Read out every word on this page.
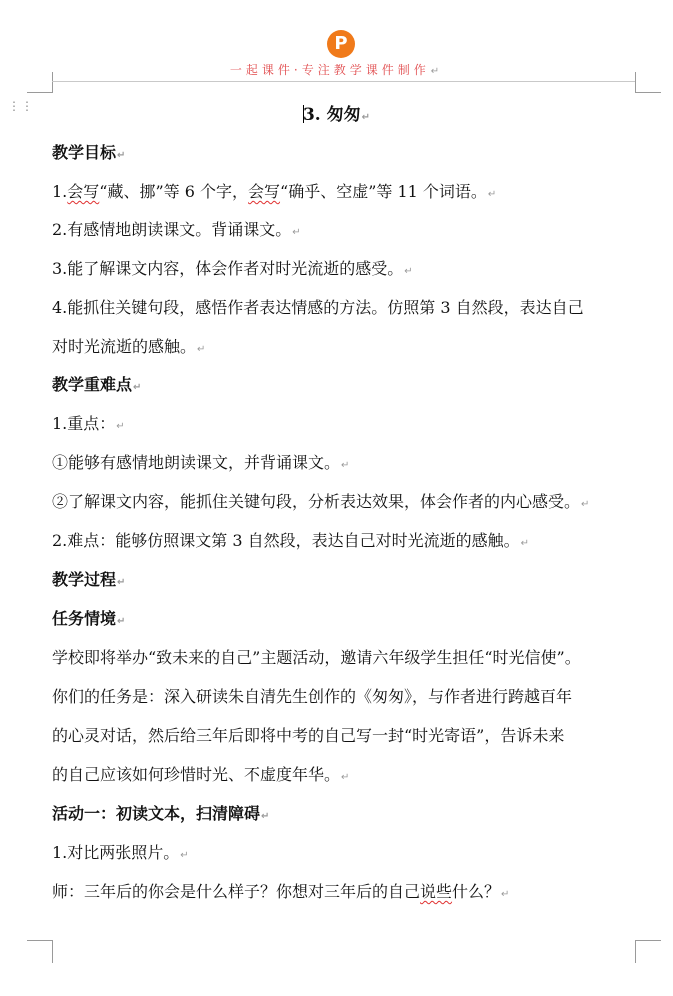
P
一起课件·专注教学课件制作↵
⋮⋮	3. 匆匆↵
教学目标↵
1.会写“藏、挪”等 6 个字，会写“确乎、空虚”等 11 个词语。↵
2.有感情地朗读课文。背诵课文。↵
3.能了解课文内容，体会作者对时光流逝的感受。↵
4.能抓住关键句段，感悟作者表达情感的方法。仿照第 3 自然段，表达自己
对时光流逝的感触。↵
教学重难点↵
1.重点：↵
①能够有感情地朗读课文，并背诵课文。↵
②了解课文内容，能抓住关键句段，分析表达效果，体会作者的内心感受。↵
2.难点：能够仿照课文第 3 自然段，表达自己对时光流逝的感触。↵
教学过程↵
任务情境↵
学校即将举办“致未来的自己”主题活动，邀请六年级学生担任“时光信使”。
你们的任务是：深入研读朱自清先生创作的《匆匆》，与作者进行跨越百年
的心灵对话，然后给三年后即将中考的自己写一封“时光寄语”，告诉未来
的自己应该如何珍惜时光、不虚度年华。↵
活动一：初读文本，扫清障碍↵
1.对比两张照片。↵
师：三年后的你会是什么样子？你想对三年后的自己说些什么？↵
